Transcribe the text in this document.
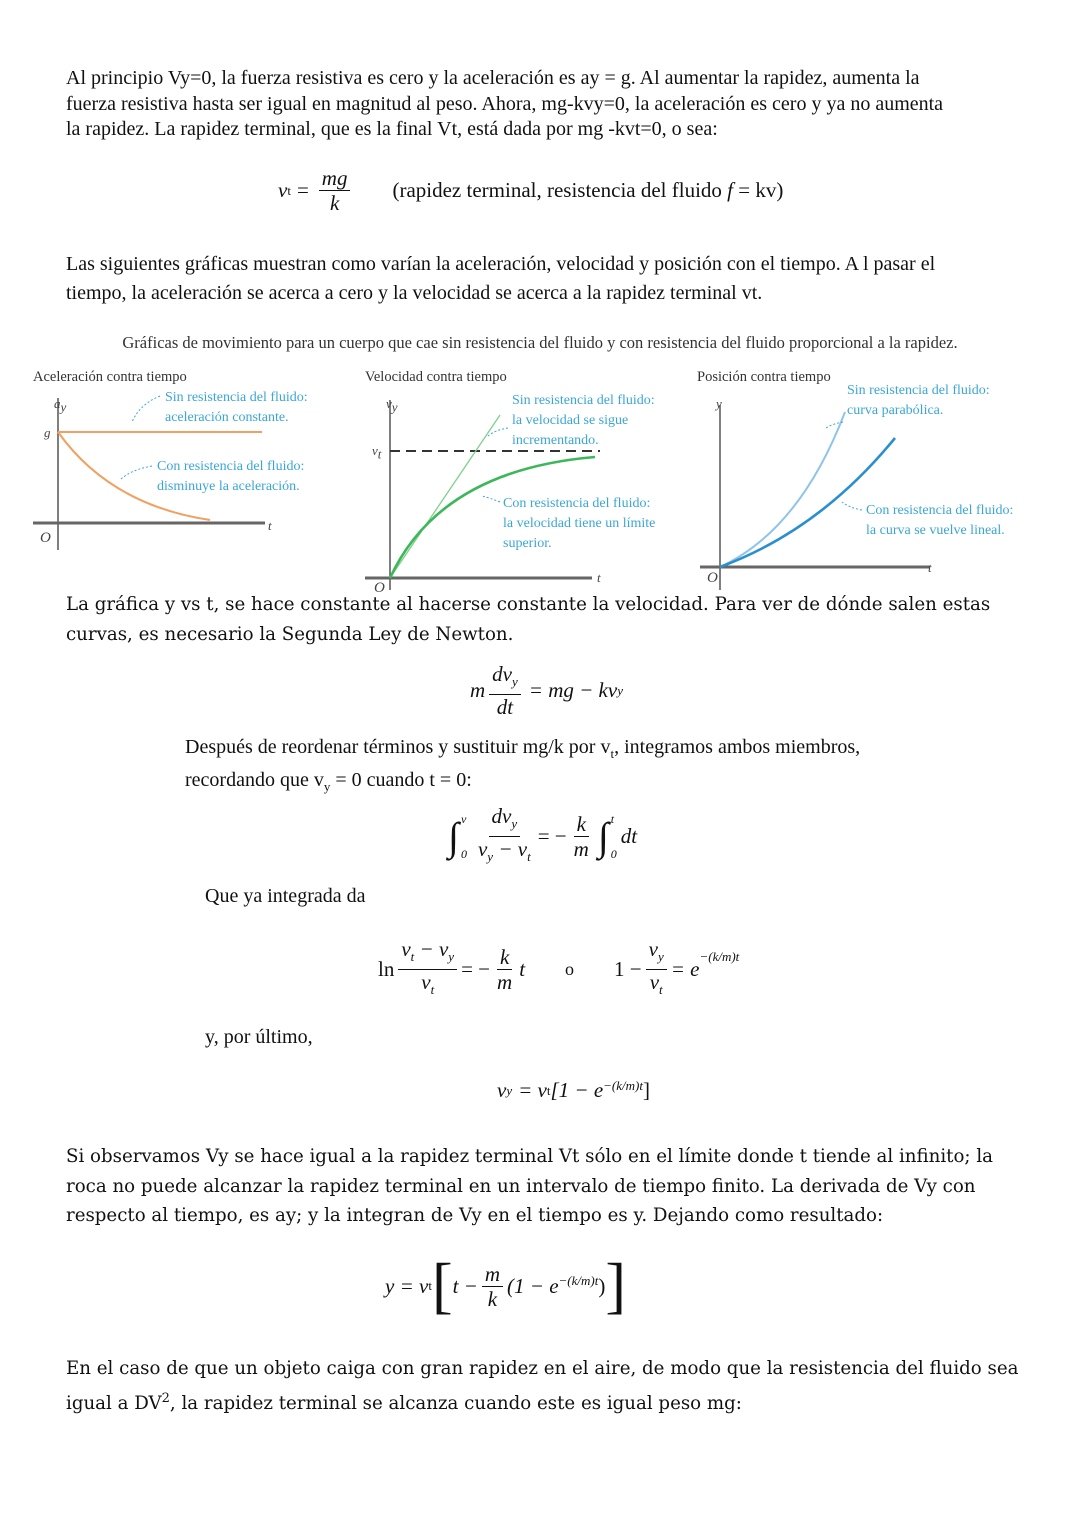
Al principio Vy=0, la fuerza resistiva es cero y la aceleración es ay = g. Al aumentar la rapidez, aumenta la
fuerza resistiva hasta ser igual en magnitud al peso. Ahora, mg-kvy=0, la aceleración es cero y ya no aumenta
la rapidez. La rapidez terminal, que es la final Vt, está dada por mg -kvt=0, o sea:
v $t = \frac{mg}{k}$ (rapidez terminal, resistencia del fluido
f
= kv)
Las siguientes gráficas muestran como varían la aceleración, velocidad y posición con el tiempo. A l pasar el
tiempo, la aceleración se acerca a cero y la velocidad se acerca a la rapidez terminal vt.
Gráficas de movimiento para un cuerpo que cae sin resistencia del fluido y con resistencia del fluido proporcional a la rapidez.
Aceleración contra tiempo
$a_y$
g
t
O
Sin resistencia del fluido:
aceleración constante.
Con resistencia del fluido:
disminuye la aceleración.
Velocidad contra tiempo
$v_y$
$v_t$
t
O
Sin resistencia del fluido:
la velocidad se sigue
incrementando.
Con resistencia del fluido:
la velocidad tiene un límite
superior.
Posición contra tiempo
y
t
O
Sin resistencia del fluido:
curva parabólica.
Con resistencia del fluido:
la curva se vuelve lineal.
La gráfica y vs t, se hace constante al hacerse constante la velocidad. Para ver de dónde salen estas
curvas, es necesario la Segunda Ley de Newton.
m
$dv_y$
dt
= mg − kv y
Después de reordenar términos y sustituir mg/k por $v_t$, integramos ambos miembros,
recordando que $v_y = 0$ cuando t = 0:
∫ v
0
$dv_y$
$v_y - v_t$
= − $\frac{k}{m}$ ∫ t
0
dt
Que ya integrada da
$\ln \frac{v_t - v_y}{v_t}$ = − $\frac{k}{m}$ t o $1 - \frac{v_y}{v_t} = e$
$^{-(k/m)t}$
y, por último,
v y = v t [$1 - e^{-(k/m)t}$ ]
Si observamos Vy se hace igual a la rapidez terminal Vt sólo en el límite donde t tiende al infinito; la
roca no puede alcanzar la rapidez terminal en un intervalo de tiempo finito. La derivada de Vy con
respecto al tiempo, es ay; y la integran de Vy en el tiempo es y. Dejando como resultado:
y = v t [ $t - \frac{m}{k} (1 - e^{-(k/m)t}$ ) ]
En el caso de que un objeto caiga con gran rapidez en el aire, de modo que la resistencia del fluido sea
igual a $DV^2$, la rapidez terminal se alcanza cuando este es igual peso mg:
